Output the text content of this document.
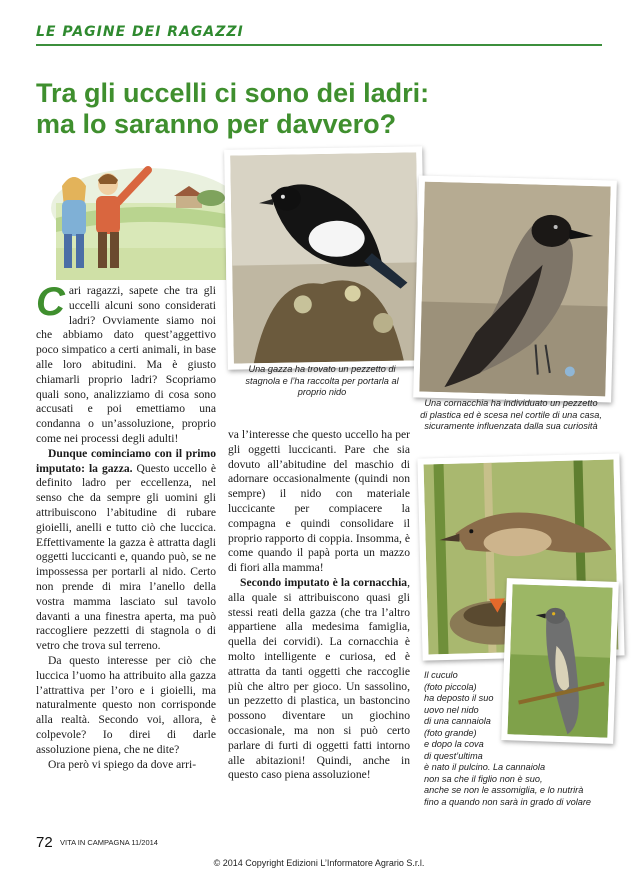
LE PAGINE DEI RAGAZZI
Tra gli uccelli ci sono dei ladri:
ma lo saranno per davvero?
Una gazza ha trovato un pezzetto di stagnola e l’ha raccolta per portarla al proprio nido
Una cornacchia ha individuato un pezzetto di plastica ed è scesa nel cortile di una casa, sicuramente influenzata dalla sua curiosità
Il cuculo
(foto piccola)
ha deposto il suo
uovo nel nido
di una cannaiola
(foto grande)
e dopo la cova
di quest’ultima
è nato il pulcino. La cannaiola
non sa che il figlio non è suo,
anche se non le assomiglia, e lo nutrirà
fino a quando non sarà in grado di volare

Cari ragazzi, sapete che tra gli uccelli alcuni sono considerati ladri? Ovviamente siamo noi che abbiamo dato quest’aggettivo poco simpatico a certi animali, in base alle loro abitudini. Ma è giusto chiamarli proprio ladri? Scopriamo quali sono, analizziamo di cosa sono accusati e poi emettiamo una condanna o un’assoluzione, proprio come nei processi degli adulti!

Dunque cominciamo con il primo imputato: la gazza. Questo uccello è definito ladro per eccellenza, nel senso che da sempre gli uomini gli attribuiscono l’abitudine di rubare gioielli, anelli e tutto ciò che luccica. Effettivamente la gazza è attratta dagli oggetti luccicanti e, quando può, se ne impossessa per portarli al nido. Certo non prende di mira l’anello della vostra mamma lasciato sul tavolo davanti a una finestra aperta, ma può raccogliere pezzetti di stagnola o di vetro che trova sul terreno.

Da questo interesse per ciò che luccica l’uomo ha attribuito alla gazza l’attrattiva per l’oro e i gioielli, ma naturalmente questo non corrisponde alla realtà. Secondo voi, allora, è colpevole? Io direi di darle assoluzione piena, che ne dite?

Ora però vi spiego da dove arri-

va l’interesse che questo uccello ha per gli oggetti luccicanti. Pare che sia dovuto all’abitudine del maschio di adornare occasionalmente (quindi non sempre) il nido con materiale luccicante per compiacere la compagna e quindi consolidare il proprio rapporto di coppia. Insomma, è come quando il papà porta un mazzo di fiori alla mamma!

Secondo imputato è la cornacchia, alla quale si attribuiscono quasi gli stessi reati della gazza (che tra l’altro appartiene alla medesima famiglia, quella dei corvidi). La cornacchia è molto intelligente e curiosa, ed è attratta da tanti oggetti che raccoglie più che altro per gioco. Un sassolino, un pezzetto di plastica, un bastoncino possono diventare un giochino occasionale, ma non si può certo parlare di furti di oggetti fatti intorno alle abitazioni! Quindi, anche in questo caso piena assoluzione!

72 VITA IN CAMPAGNA 11/2014
© 2014 Copyright Edizioni L’Informatore Agrario S.r.l.
